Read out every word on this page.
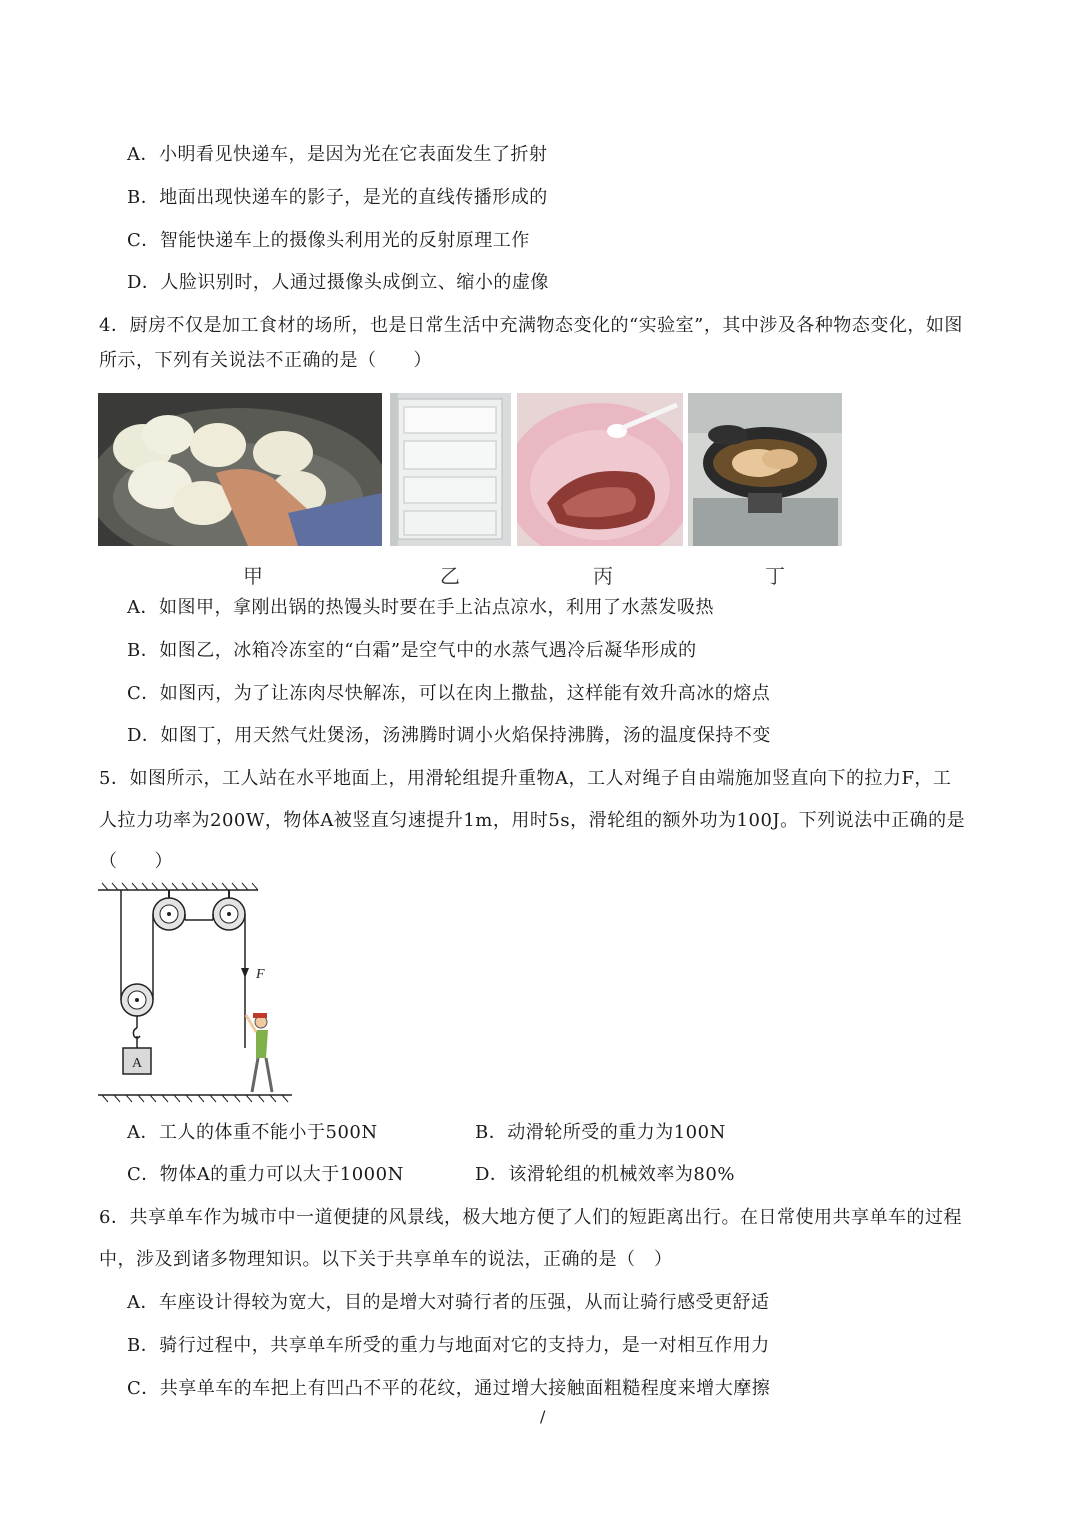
A．小明看见快递车，是因为光在它表面发生了折射
B．地面出现快递车的影子，是光的直线传播形成的
C．智能快递车上的摄像头利用光的反射原理工作
D．人脸识别时，人通过摄像头成倒立、缩小的虚像
4．厨房不仅是加工食材的场所，也是日常生活中充满物态变化的“实验室”，其中涉及各种物态变化，如图
所示，下列有关说法不正确的是（　　）
甲	乙	丙	丁
A．如图甲，拿刚出锅的热馒头时要在手上沾点凉水，利用了水蒸发吸热
B．如图乙，冰箱冷冻室的“白霜”是空气中的水蒸气遇冷后凝华形成的
C．如图丙，为了让冻肉尽快解冻，可以在肉上撒盐，这样能有效升高冰的熔点
D．如图丁，用天然气灶煲汤，汤沸腾时调小火焰保持沸腾，汤的温度保持不变
5．如图所示，工人站在水平地面上，用滑轮组提升重物A，工人对绳子自由端施加竖直向下的拉力F，工
人拉力功率为200W，物体A被竖直匀速提升1m，用时5s，滑轮组的额外功为100J。下列说法中正确的是
（　　）
A
F
A．工人的体重不能小于500N	B．动滑轮所受的重力为100N
C．物体A的重力可以大于1000N	D．该滑轮组的机械效率为80%
6．共享单车作为城市中一道便捷的风景线，极大地方便了人们的短距离出行。在日常使用共享单车的过程
中，涉及到诸多物理知识。以下关于共享单车的说法，正确的是（　）
A．车座设计得较为宽大，目的是增大对骑行者的压强，从而让骑行感受更舒适
B．骑行过程中，共享单车所受的重力与地面对它的支持力，是一对相互作用力
C．共享单车的车把上有凹凸不平的花纹，通过增大接触面粗糙程度来增大摩擦
/
